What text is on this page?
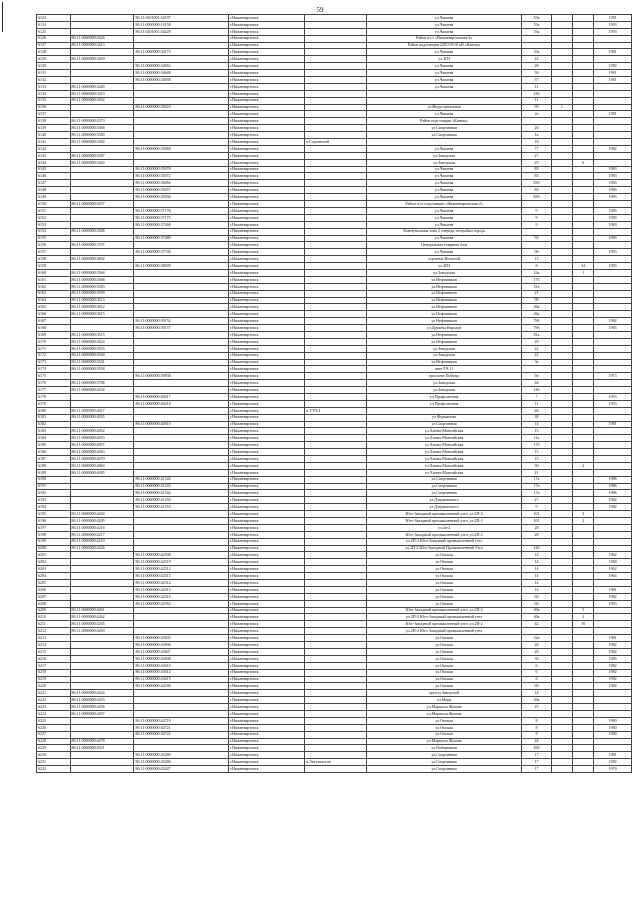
59
6123		86:11:0201001:34197	г.Нижневартовск		ул.Чапаева	53а			1981
6124		86:11:0000000:14158	г.Нижневартовск		ул.Чапаева	53а			1993
6125		86:11:0201001:34228	г.Нижневартовск		ул.Чапаева	53а			1993
6126	86:11:0000000:3426		г.Нижневартовск		Район п/ст «Нижневартовская-2»				
6127	86:11:0000000:3413		г.Нижневартовск		Район подстанции 220/110/10 кВ «Кантка»				
6128		86:11:0000000:34175	г.Нижневартовск		ул.Чапаева	53а			1981
6129	86:11:0000000:3459		г.Нижневартовск		ул.ЗПЗ	42			
6130		86:11:0000000:34652	г.Нижневартовск		ул.Чапаева	28			1982
6131		86:11:0000000:34648	г.Нижневартовск		ул.Чапаева	59			1981
6132		86:11:0000000:34658	г.Нижневартовск		ул.Чапаева	57			1981
6133	86:11:0000000:3449		г.Нижневартовск		ул.Чапаева	11			
6134	86:11:0000000:3419		г.Нижневартовск			236			
6135	86:11:0000000:3402		г.Нижневартовск			11			
6136		86:11:0000000:35024	г.Нижневартовск		ул.Индустриальная	95	1		
6137			г.Нижневартовск		ул.Чапаева	2а			1981
6138	86:11:0000000:3373		г.Нижневартовск		Район подстанции «Кантка»				
6139	86:11:0000000:3366		г.Нижневартовск		ул.Спортивная	26			
6140	86:11:0000000:3380		г.Нижневартовск		ул.Спортивная	1а			
6141	86:11:0000000:3382		г.Нижневартовск	п.Строителей		18			
6142		86:11:0000000:35068	г.Нижневартовск		ул.Чапаева	77			1982
6143	86:11:0000000:3387		г.Нижневартовск		ул.Заводская	27			
6144	86:11:0000000:3364		г.Нижневартовск		ул.Заводская	25		6	
6145		86:11:0000000:35076	г.Нижневартовск		ул.Чапаева	83			1983
6146		86:11:0000000:35072	г.Нижневартовск		ул.Чапаева	83			1983
6147		86:11:0000000:36084	г.Нижневартовск		ул.Чапаева	83б			1983
6148		86:11:0000000:35057	г.Нижневартовск		ул.Чапаева	83			1983
6149		86:11:0000000:35036	г.Нижневартовск		ул.Чапаева	83б			1983
6150	86:11:0000000:3037		г.Нижневартовск		Район п/ст подстанции «Нижневартовская-2»				
6151		86:11:0000000:37176	г.Нижневартовск		ул.Чапаева	9			1983
6152		86:11:0000000:37175	г.Нижневартовск		ул.Чапаева	9			1983
6153		86:11:0000000:37468	г.Нижневартовск		ул.Чапаева	9			1983
6154	86:11:0000000:3508		г.Нижневартовск		Коммунальная зона 2 очереди застройки города				
6155		86:11:0000000:37480	г.Нижневартовск		ул.Чапаева	93			1983
6156	86:11:0000000:3707		г.Нижневартовск		Центральная товарная база				
6157		86:11:0000000:37749	г.Нижневартовск		ул.Чапаева	96			1983
6158	86:11:0000000:3602		г.Нижневартовск		строение Нежилой	13			
6159		86:11:0000000:38049	г.Нижневартовск		ул.ЗПЗ	8		34	1983
6160	86:11:0000000:3564		г.Нижневартовск		ул.Заводская	24а		1	
6161	86:11:0000000:3566		г.Нижневартовск		ул.Нефтяников	17б			
6162	86:11:0000000:3583		г.Нижневартовск		ул.Нефтяников	51а			
6163	86:11:0000000:3599		г.Нижневартовск		ул.Нефтяников	21			
6164	86:11:0000000:3613		г.Нижневартовск		ул.Нефтяников	90			
6165	86:11:0000000:3612		г.Нижневартовск		ул.Нефтяников	46а			
6166	86:11:0000000:3615		г.Нижневартовск		ул.Нефтяников	46а			
6167		86:11:0000000:39152	г.Нижневартовск		ул.Нефтяников	79б			1982
6168		86:11:0000000:39157	г.Нижневартовск		ул.Дружбы Народов	79б			1983
6169	86:11:0000000:3515		г.Нижневартовск		ул.Нефтяников	81а			
6170	86:11:0000000:3524		г.Нижневартовск		ул.Нефтяников	29			
6171	86:11:0000000:3533		г.Нижневартовск		ул.Заводская	22			
6172	86:11:0000000:3540		г.Нижневартовск		ул.Заводская	22			
6173	86:11:0000000:3541		г.Нижневартовск		ул.Нефтяников	3а			
6174	86:11:0000000:3558		г.Нижневартовск		автоЛ.Ч.11				
6175		86:11:0000000:39838	г.Нижневартовск		проспект Победы	56			1973
6176	86:11:0000000:3708		г.Нижневартовск		ул.Заводская	44			
6177	86:11:0000000:4102		г.Нижневартовск		ул.Заводская	14б			
6178		86:11:0000000:40417	г.Нижневартовск		ул.Профсоюзная	7			1953
6179		86:11:0000000:40418	г.Нижневартовск		ул.Профсоюзная	11			1953
6180	86:11:0000000:4017		г.Нижневартовск	п.УТЧ-4		26			
6181	86:11:0000000:4035		г.Нижневартовск		ул.Фурманова	38			
6182		86:11:0000000:40810	г.Нижневартовск		ул.Спортивная	14			1981
6183	86:11:0000000:4052		г.Нижневартовск		ул.Ханты-Мансийская	15			
6184	86:11:0000000:4053		г.Нижневартовск		ул.Ханты-Мансийская	11а			
6185	86:11:0000000:4057		г.Нижневартовск		ул.Ханты-Мансийская	17б			
6186	86:11:0000000:4063		г.Нижневартовск		ул.Ханты-Мансийская	15			
6187	86:11:0000000:4070		г.Нижневартовск		ул.Ханты-Мансийская	15			
6188	86:11:0000000:4064		г.Нижневартовск		ул.Ханты-Мансийская	30		2	
6189	86:11:0000000:4085		г.Нижневартовск		ул.Ханты-Мансийская	21			
6190		86:11:0000000:41342	г.Нижневартовск		ул.Спортивная	17а			1986
6191		86:11:0000000:41343	г.Нижневартовск		ул.Спортивная	17а			1986
6192		86:11:0000000:41344	г.Нижневартовск		ул.Спортивная	17а			1986
6193		86:11:0000000:41450	г.Нижневартовск		ул.Дзержинского	27			1982
6194		86:11:0000000:41453	г.Нижневартовск		ул.Дзержинского	9			1982
6195	86:11:0000000:4204		г.Нижневартовск		Юго-Западный промышленный узел, ул.2П-2	101		3	
6196	86:11:0000000:4205		г.Нижневартовск		Юго-Западный промышленный узел, ул.2П-2	101		2	
6197	86:11:0000000:4216		г.Нижневартовск		ул.2п-2	28			
6198	86:11:0000000:4217		г.Нижневартовск		Юго-Западный промышленный узел, ул.2П-2	28			
6199	86:11:0000000:4219		г.Нижневартовск		ул.2П-2 Юго-Западный промышленный узел				
6200	86:11:0000000:4226		г.Нижневартовск		ул.2П-2 Юго-Западный Промышленный Узел	14б			
6201		86:11:0000000:42508	г.Нижневартовск		ул.Омская	14			1962
6202		86:11:0000000:42510	г.Нижневартовск		ул.Омская	14			1969
6203		86:11:0000000:42512	г.Нижневартовск		ул.Омская	14			1962
6204		86:11:0000000:42513	г.Нижневартовск		ул.Омская	14			1964
6205		86:11:0000000:42514	г.Нижневартовск		ул.Омская	14			
6206		86:11:0000000:42515	г.Нижневартовск		ул.Омская	14			1981
6207		86:11:0000000:42516	г.Нижневартовск		ул.Омская	60			1982
6208		86:11:0000000:42582	г.Нижневартовск		ул.Омская	60			1983
6209	86:11:0000000:4261		г.Нижневартовск		Юго-Западный промышленный узел, ул.2П-2	40а		5	
6210	86:11:0000000:4262		г.Нижневартовск		ул.2П-2 Юго-Западный промышленный узел	40а		2	
6211	86:11:0000000:4265		г.Нижневартовск		Юго-Западный промышленный узел, ул.2П-2	42		10	
6212	86:11:0000000:4269		г.Нижневартовск		ул.2П-2 Юго-Западный промышленный узел				
6213		86:11:0000000:43605	г.Нижневартовск		ул.Омская	22а			1981
6214		86:11:0000000:43606	г.Нижневартовск		ул.Омская	26			1982
6215		86:11:0000000:43607	г.Нижневартовск		ул.Омская	28			1982
6216		86:11:0000000:43608	г.Нижневартовск		ул.Омская	30			1983
6217		86:11:0000000:43610	г.Нижневартовск		ул.Омская	6			1982
6218		86:11:0000000:43612	г.Нижневартовск		ул.Омская	6			1982
6219		86:11:0000000:43615	г.Нижневартовск		ул.Омская	6			1982
6220		86:11:0000000:44186	г.Нижневартовск		ул.Омская	60			1982
6221	86:11:0000000:4444		г.Нижневартовск		проезд Заводской	14			
6222	86:11:0000000:4453		г.Нижневартовск		ул.Мира	20а			
6223	86:11:0000000:4456		г.Нижневартовск		ул.Маршала Жукова	25			
6224	86:11:0000000:4457		г.Нижневартовск		ул.Маршала Жукова				
6225		86:11:0000000:44719	г.Нижневартовск		ул.Омская	8			1980
6226		86:11:0000000:44721	г.Нижневартовск		ул.Омская	8			1980
6227		86:11:0000000:44722	г.Нижневартовск		ул.Омская	8			1980
6228	86:11:0000000:4478		г.Нижневартовск		ул.Маршала Жукова	44			
6229	86:11:0000000:4521		г.Нижневартовск		ул.Набережная	495			
6230		86:11:0000000:45280	г.Нижневартовск		ул.Спортивная	17			1981
6231		86:11:0000000:45286	г.Нижневартовск	п.Энтузиастов	ул.Спортивная	17			1982
6232		86:11:0000000:45287	г.Нижневартовск		ул.Спортивная	17			1970
